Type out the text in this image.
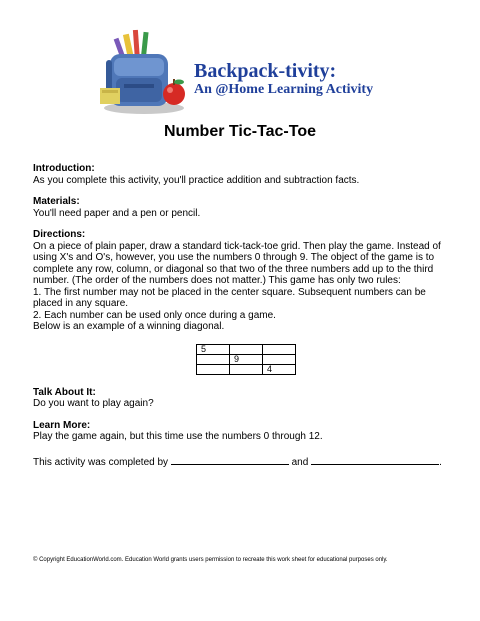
Backpack-tivity:
An @Home Learning Activity
Number Tic-Tac-Toe

Introduction:

As you complete this activity, you'll practice addition and subtraction facts.

Materials:

You'll need paper and a pen or pencil.

Directions:

On a piece of plain paper, draw a standard tick-tack-toe grid. Then play the game. Instead of using X's and O's, however, you use the numbers 0 through 9. The object of the game is to complete any row, column, or diagonal so that two of the three numbers add up to the third number. (The order of the numbers does not matter.) This game has only two rules:

1. The first number may not be placed in the center square. Subsequent numbers can be placed in any square.

2. Each number can be used only once during a game.

Below is an example of a winning diagonal.

5		
	9	
		4

Talk About It:

Do you want to play again?

Learn More:

Play the game again, but this time use the numbers 0 through 12.

This activity was completed by	and	.
© Copyright EducationWorld.com. Education World grants users permission to recreate this work sheet for educational purposes only.
